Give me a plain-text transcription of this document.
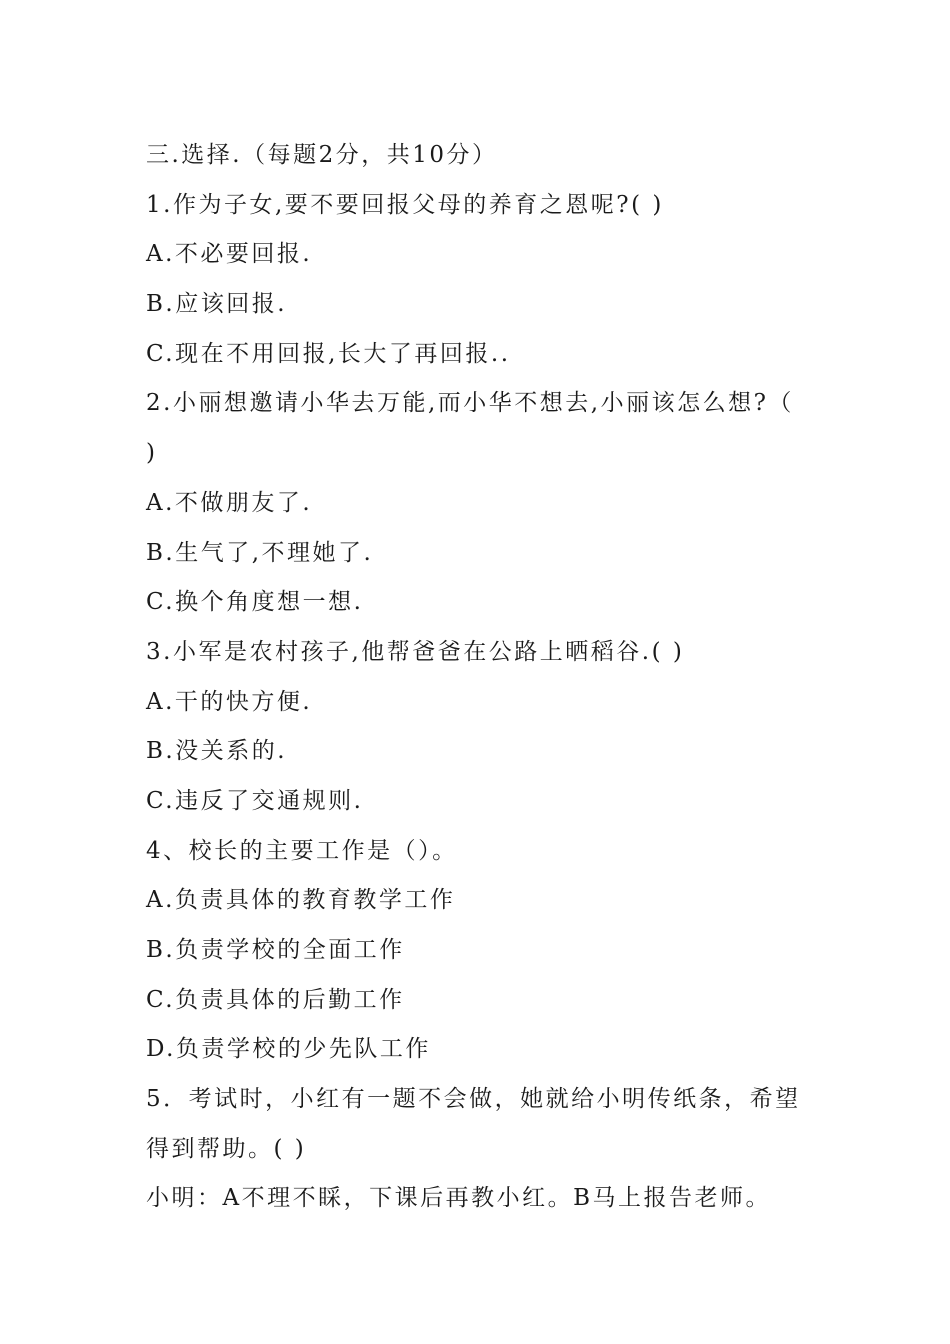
三.选择.（每题2分，共10分）
1.作为子女,要不要回报父母的养育之恩呢?( )
A.不必要回报.
B.应该回报.
C.现在不用回报,长大了再回报..
2.小丽想邀请小华去万能,而小华不想去,小丽该怎么想?（
)
A.不做朋友了.
B.生气了,不理她了.
C.换个角度想一想.
3.小军是农村孩子,他帮爸爸在公路上晒稻谷.( )
A.干的快方便.
B.没关系的.
C.违反了交通规则.
4、校长的主要工作是（）。
A.负责具体的教育教学工作
B.负责学校的全面工作
C.负责具体的后勤工作
D.负责学校的少先队工作
5．考试时，小红有一题不会做，她就给小明传纸条，希望
得到帮助。( )
小明：A不理不睬，下课后再教小红。B马上报告老师。
